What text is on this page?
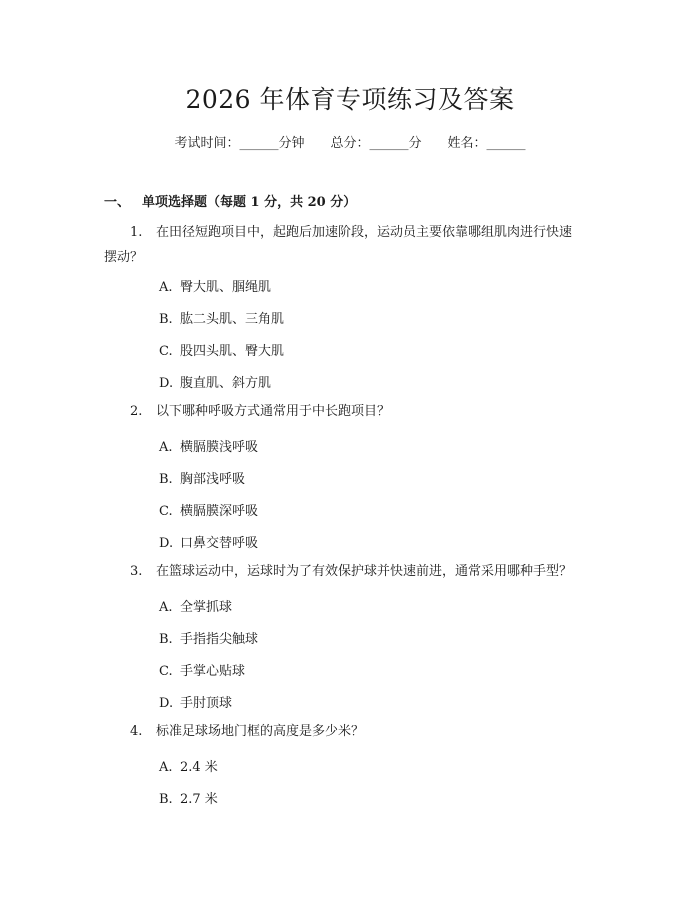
2026 年体育专项练习及答案
考试时间：______分钟 总分：______分 姓名：______
一、 单项选择题（每题 1 分，共 20 分）
1. 在田径短跑项目中，起跑后加速阶段，运动员主要依靠哪组肌肉进行快速
摆动？
A. 臀大肌、腘绳肌
B. 肱二头肌、三角肌
C. 股四头肌、臀大肌
D. 腹直肌、斜方肌
2. 以下哪种呼吸方式通常用于中长跑项目？
A. 横膈膜浅呼吸
B. 胸部浅呼吸
C. 横膈膜深呼吸
D. 口鼻交替呼吸
3. 在篮球运动中，运球时为了有效保护球并快速前进，通常采用哪种手型？
A. 全掌抓球
B. 手指指尖触球
C. 手掌心贴球
D. 手肘顶球
4. 标准足球场地门框的高度是多少米？
A. 2.4 米
B. 2.7 米
